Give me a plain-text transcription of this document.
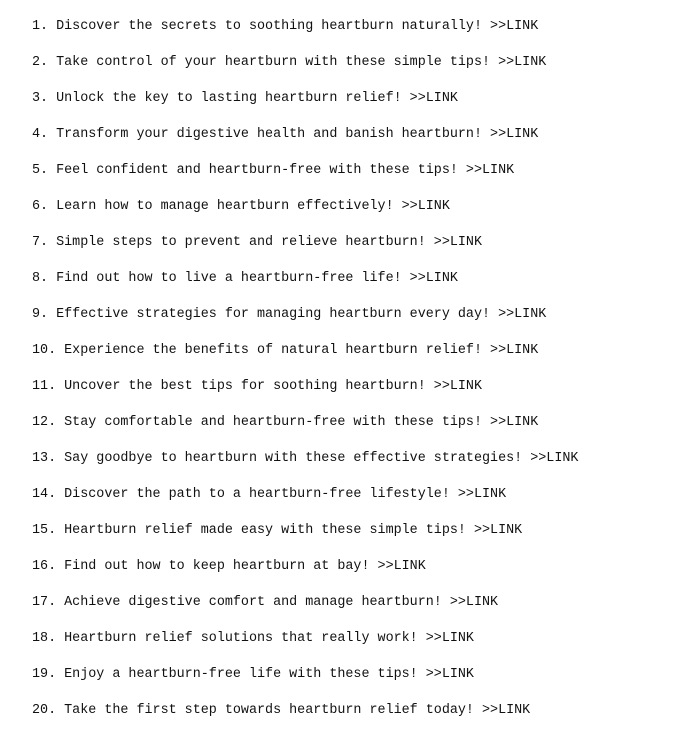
1. Discover the secrets to soothing heartburn naturally! >>LINK
2. Take control of your heartburn with these simple tips! >>LINK
3. Unlock the key to lasting heartburn relief! >>LINK
4. Transform your digestive health and banish heartburn! >>LINK
5. Feel confident and heartburn-free with these tips! >>LINK
6. Learn how to manage heartburn effectively! >>LINK
7. Simple steps to prevent and relieve heartburn! >>LINK
8. Find out how to live a heartburn-free life! >>LINK
9. Effective strategies for managing heartburn every day! >>LINK
10. Experience the benefits of natural heartburn relief! >>LINK
11. Uncover the best tips for soothing heartburn! >>LINK
12. Stay comfortable and heartburn-free with these tips! >>LINK
13. Say goodbye to heartburn with these effective strategies! >>LINK
14. Discover the path to a heartburn-free lifestyle! >>LINK
15. Heartburn relief made easy with these simple tips! >>LINK
16. Find out how to keep heartburn at bay! >>LINK
17. Achieve digestive comfort and manage heartburn! >>LINK
18. Heartburn relief solutions that really work! >>LINK
19. Enjoy a heartburn-free life with these tips! >>LINK
20. Take the first step towards heartburn relief today! >>LINK
